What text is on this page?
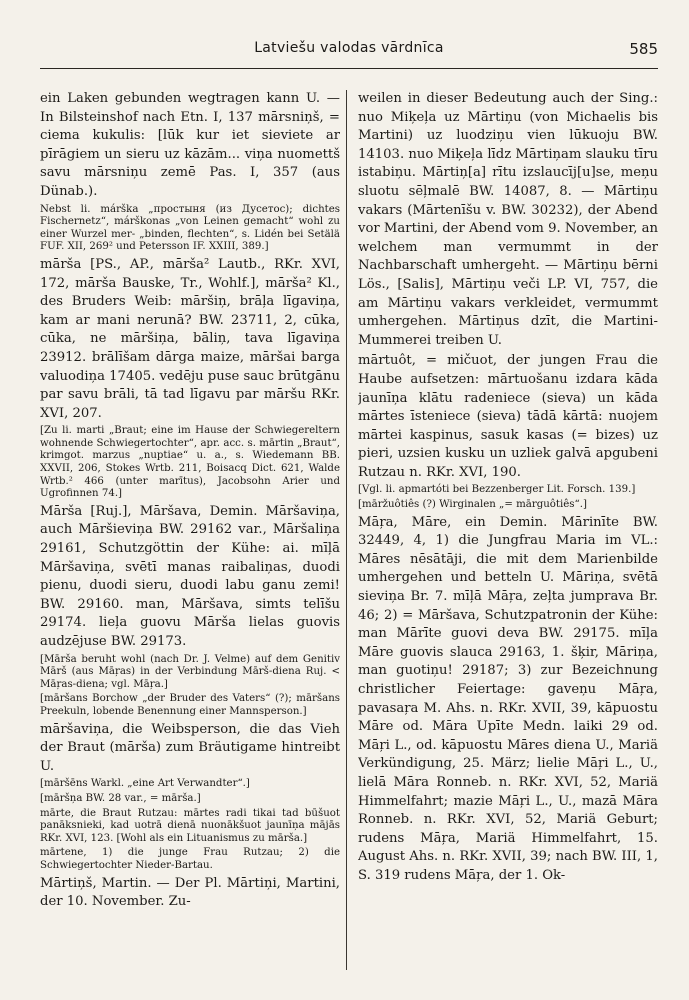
Latviešu valodas vārdnīca	585

ein Laken gebunden wegtragen kann U. — In Bilsteinshof nach Etn. I, 137 mārsniņš, = ciema kukulis: [lūk kur iet sieviete ar pīrāgiem un sieru uz kāzām... viņa nuomettš savu mārsniņu zemē Pas. I, 357 (aus Dünab.).

Nebst li. márška „простыня (из Дусетос); dichtes Fischernetz“, márškonas „von Leinen gemacht“ wohl zu einer Wurzel mer- „binden, flechten“, s. Lidén bei Setälä FUF. XII, 269² und Petersson IF. XXIII, 389.]

mārša [PS., AP., mārša² Lautb., RKr. XVI, 172, mārša Bauske, Tr., Wohlf.], mārša² Kl., des Bruders Weib: māršiņ, brāļa līgaviņa, kam ar mani nerunā? BW. 23711, 2, cūka, cūka, ne māršiņa, bāliņ, tava līgaviņa 23912. brālīšam dārga maize, māršai barga valuodiņa 17405. vedēju puse sauc brūtgānu par savu brāli, tā tad līgavu par māršu RKr. XVI, 207.

[Zu li. marti „Braut; eine im Hause der Schwiegereltern wohnende Schwiegertochter“, apr. acc. s. mārtin „Braut“, krimgot. marzus „nuptiae“ u. a., s. Wiedemann BB. XXVII, 206, Stokes Wrtb. 211, Boisacq Dict. 621, Walde Wrtb.² 466 (unter marītus), Jacobsohn Arier und Ugrofinnen 74.]

Māršа [Ruj.], Māršava, Demin. Māršaviņa, auch Māršieviņa BW. 29162 var., Māršaliņa 29161, Schutzgöttin der Kühe: ai. mīļā Māršaviņa, svētī manas raibaliņas, duodi pienu, duodi sieru, duodi labu ganu zemi! BW. 29160. man, Māršava, simts telīšu 29174. lieļa guovu Mārša lielas guovis audzējuse BW. 29173.

[Mārša beruht wohl (nach Dr. J. Velme) auf dem Genitiv Mārš (aus Māŗas) in der Verbindung Mārš-diena Ruj. < Māŗas-diena; vgl. Māŗa.]

[māršans Borchow „der Bruder des Vaters“ (?); māršans Preekuln, lobende Benennung einer Mannsperson.]

māršaviņa, die Weibsperson, die das Vieh der Braut (mārša) zum Bräutigame hintreibt U.

[māršēns Warkl. „eine Art Verwandter“.]

[māršņa BW. 28 var., = mārša.]

mārte, die Braut Rutzau: mārtes radi tikai tad būšuot panāksnieki, kad uotrā dienā nuonākšuot jaunīņa mājās RKr. XVI, 123. [Wohl als ein Lituanismus zu mārša.]

mārtene, 1) die junge Frau Rutzau; 2) die Schwiegertochter Nieder-Bartau.

Mārtiņš, Martin. — Der Pl. Mārtiņi, Martini, der 10. November. Zu-

weilen in dieser Bedeutung auch der Sing.: nuo Miķeļa uz Mārtiņu (von Michaelis bis Martini) uz luodziņu vien lūkuoju BW. 14103. nuo Miķeļa līdz Mārtiņam slauku tīru istabiņu. Mārtiņ[a] rītu izslaucīj[u]se, meņu sluotu sēļmalē BW. 14087, 8. — Mārtiņu vakars (Mārtenīšu v. BW. 30232), der Abend vor Martini, der Abend vom 9. November, an welchem man vermummt in der Nachbarschaft umhergeht. — Mārtiņu bērni Lös., [Salis], Mārtiņu veči LP. VI, 757, die am Mārtiņu vakars verkleidet, vermummt umhergehen. Mārtiņus dzīt, die Martini-Mummerei treiben U.

mārtuôt, = mičuot, der jungen Frau die Haube aufsetzen: mārtuošanu izdara kāda jaunīņa klātu radeniece (sieva) un kāda mārtes īsteniece (sieva) tādā kārtā: nuojem mārtei kaspinus, sasuk kasas (= bizes) uz pieri, uzsien kusku un uzliek galvā apgubeni Rutzau n. RKr. XVI, 190.

[Vgl. li. apmartóti bei Bezzenberger Lit. Forsch. 139.]

[māržuôtiês (?) Wirginalen „= mārguôtiês“.]

Māŗa, Māre, ein Demin. Mārinīte BW. 32449, 4, 1) die Jungfrau Maria im VL.: Māres nēsātāji, die mit dem Marienbilde umhergehen und betteln U. Māriņa, svētā sieviņa Br. 7. mīļā Māŗa, zeļta jumprava Br. 46; 2) = Māršava, Schutzpatronin der Kühe: man Mārīte guovi deva BW. 29175. mīļa Māre guovis slauca 29163, 1. šķir, Māriņa, man guotiņu! 29187; 3) zur Bezeichnung christlicher Feiertage: gaveņu Māŗa, pavasaŗa M. Ahs. n. RKr. XVII, 39, kāpuostu Māre od. Māra Upīte Medn. laiki 29 od. Māŗi L., od. kāpuostu Māres diena U., Mariä Verkündigung, 25. März; lielie Māŗi L., U., lielā Māra Ronneb. n. RKr. XVI, 52, Mariä Himmelfahrt; mazie Māŗi L., U., mazā Māra Ronneb. n. RKr. XVI, 52, Mariä Geburt; rudens Māŗa, Mariä Himmelfahrt, 15. August Ahs. n. RKr. XVII, 39; nach BW. III, 1, S. 319 rudens Māŗa, der 1. Ok-
